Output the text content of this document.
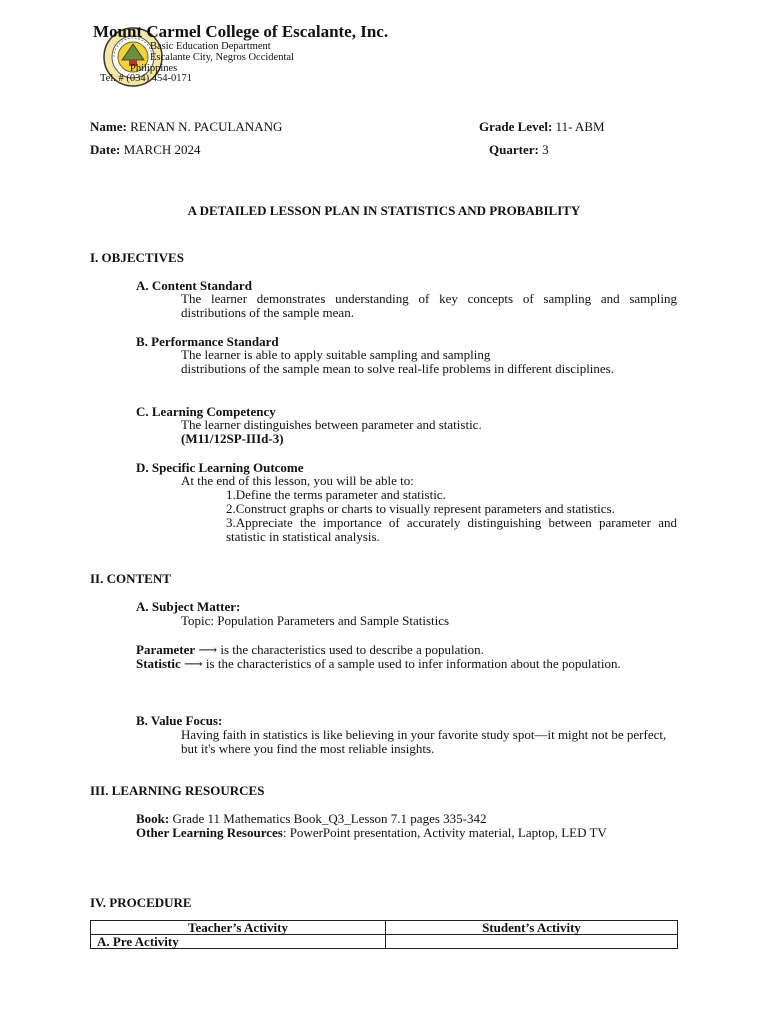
Mount Carmel College of Escalante, Inc.
Basic Education Department
Escalante City, Negros Occidental
Philippines
Tel. # (034) 454-0171
Name: RENAN N. PACULANANG	Grade Level: 11- ABM
Date: MARCH 2024	Quarter: 3
A DETAILED LESSON PLAN IN STATISTICS AND PROBABILITY
I. OBJECTIVES
A. Content Standard
The learner demonstrates understanding of key concepts of sampling and sampling distributions of the sample mean.
B. Performance Standard
The learner is able to apply suitable sampling and sampling
distributions of the sample mean to solve real-life problems in different disciplines.
C. Learning Competency
The learner distinguishes between parameter and statistic.
(M11/12SP-IIId-3)
D. Specific Learning Outcome
At the end of this lesson, you will be able to:
1.Define the terms parameter and statistic.
2.Construct graphs or charts to visually represent parameters and statistics.
3.Appreciate the importance of accurately distinguishing between parameter and statistic in statistical analysis.
II. CONTENT
A. Subject Matter:
Topic: Population Parameters and Sample Statistics
Parameter ⟶ is the characteristics used to describe a population.
Statistic ⟶ is the characteristics of a sample used to infer information about the population.
B. Value Focus:
Having faith in statistics is like believing in your favorite study spot—it might not be perfect, but it's where you find the most reliable insights.
III. LEARNING RESOURCES
Book: Grade 11 Mathematics Book_Q3_Lesson 7.1 pages 335-342
Other Learning Resources: PowerPoint presentation, Activity material, Laptop, LED TV
IV. PROCEDURE
Teacher’s Activity	Student’s Activity
A. Pre Activity	
